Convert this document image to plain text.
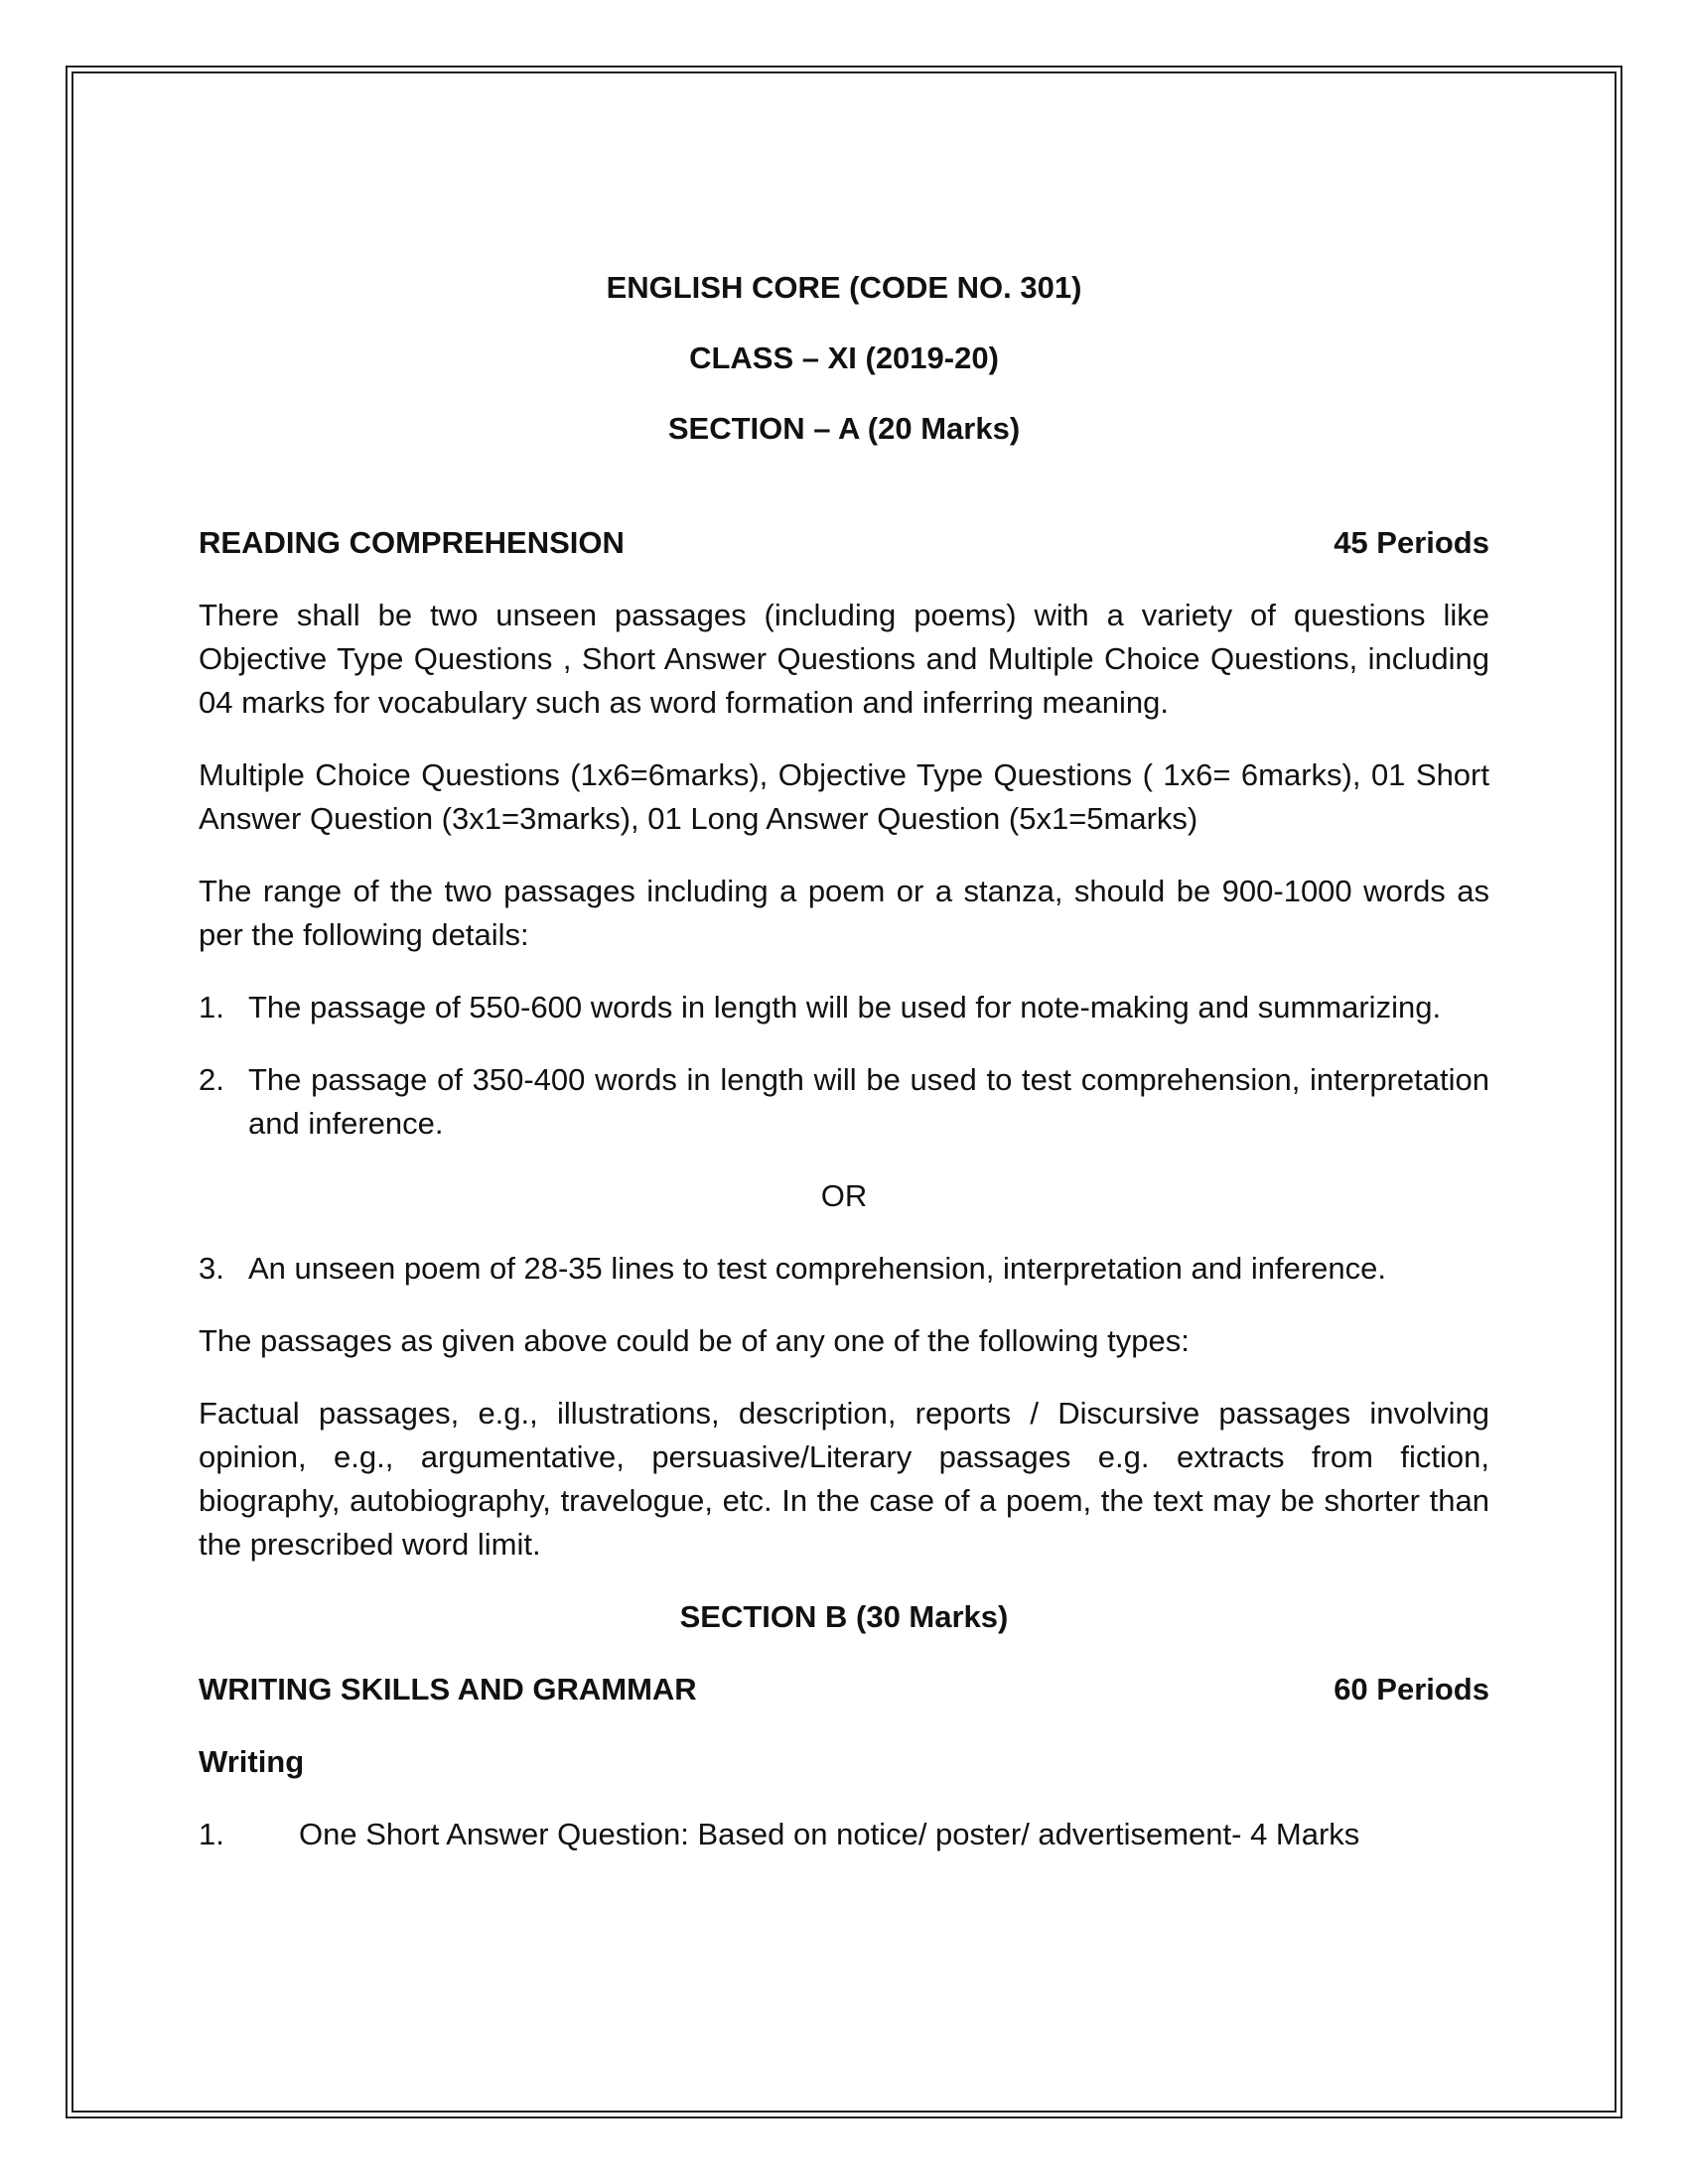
ENGLISH CORE (CODE NO. 301)

CLASS – XI (2019-20)

SECTION – A (20 Marks)

READING COMPREHENSION	45 Periods

There shall be two unseen passages (including poems) with a variety of questions like Objective Type Questions , Short Answer Questions and Multiple Choice Questions, including 04 marks for vocabulary such as word formation and inferring meaning.

Multiple Choice Questions (1x6=6marks), Objective Type Questions ( 1x6= 6marks), 01 Short Answer Question (3x1=3marks), 01 Long Answer Question (5x1=5marks)

The range of the two passages including a poem or a stanza, should be 900-1000 words as per the following details:

1. The passage of 550-600 words in length will be used for note-making and summarizing.
2. The passage of 350-400 words in length will be used to test comprehension, interpretation and inference.
OR
3. An unseen poem of 28-35 lines to test comprehension, interpretation and inference.

The passages as given above could be of any one of the following types:

Factual passages, e.g., illustrations, description, reports / Discursive passages involving opinion, e.g., argumentative, persuasive/Literary passages e.g. extracts from fiction, biography, autobiography, travelogue, etc. In the case of a poem, the text may be shorter than the prescribed word limit.

SECTION B (30 Marks)

WRITING SKILLS AND GRAMMAR	60 Periods
Writing
1.	One Short Answer Question: Based on notice/ poster/ advertisement- 4 Marks
